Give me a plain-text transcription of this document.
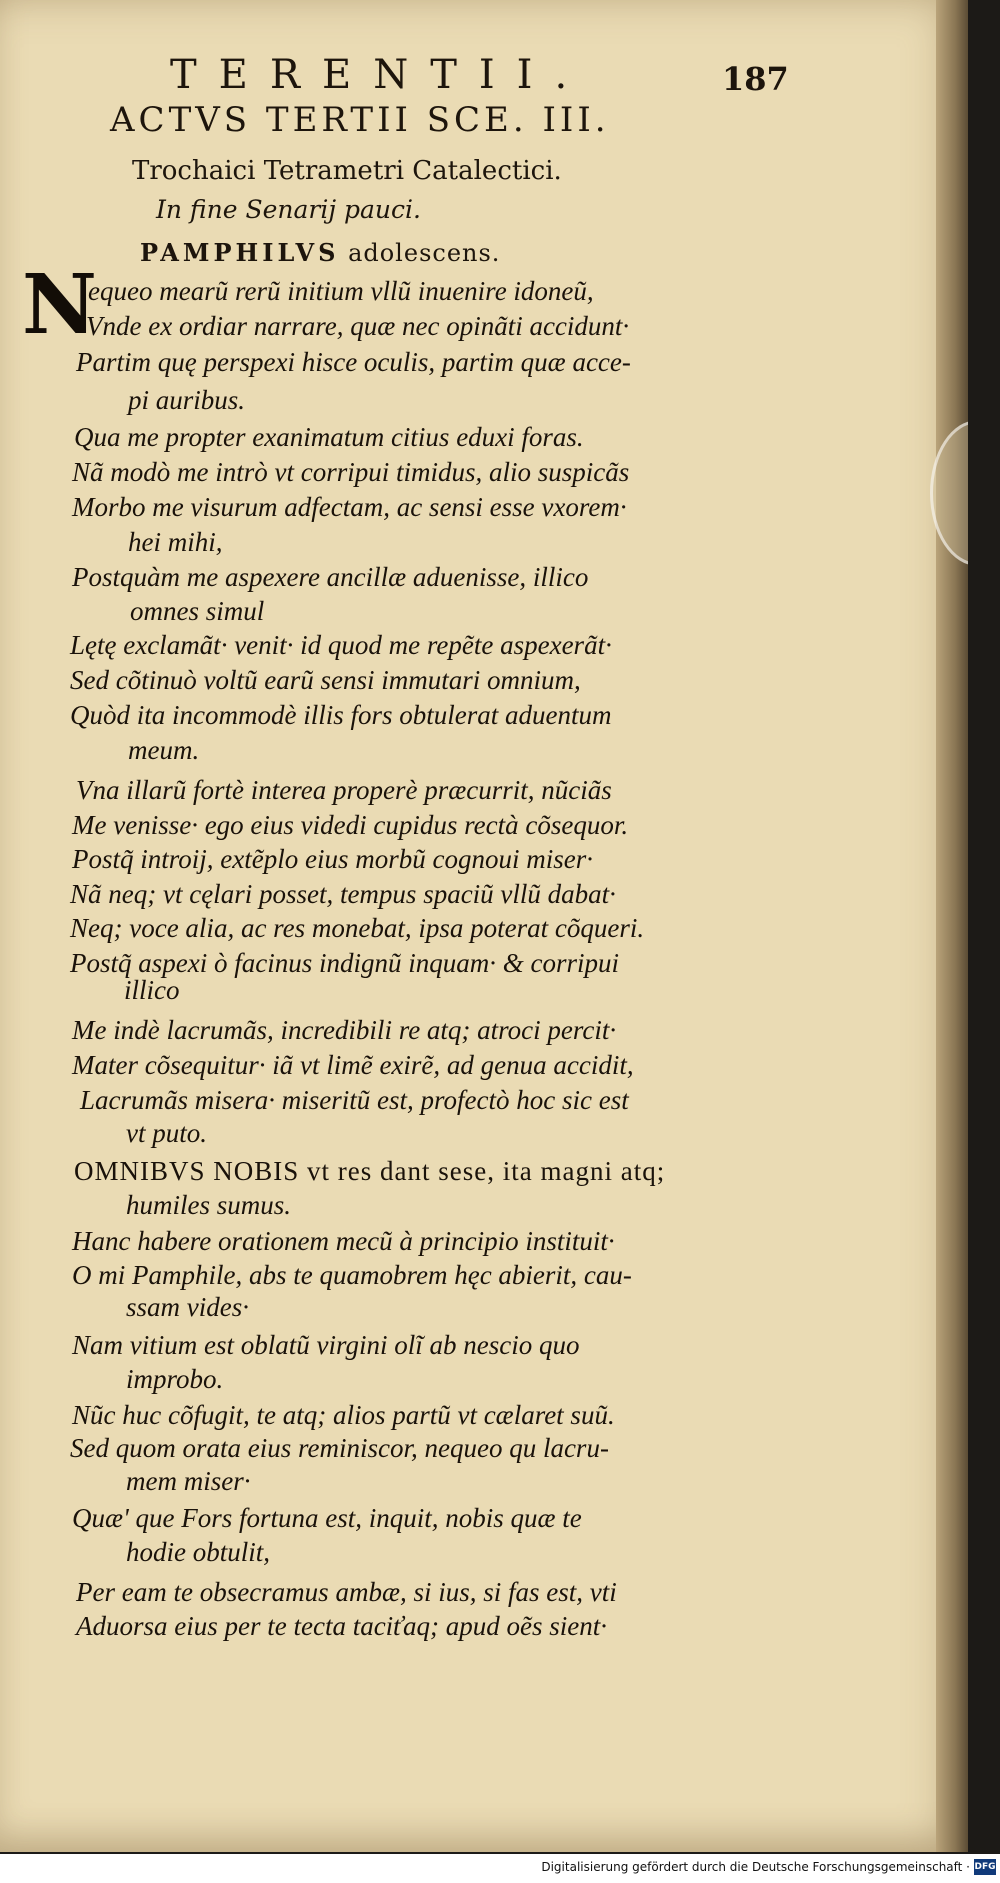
TERENTII.	187
ACTVS TERTII SCE. III.
Trochaici Tetrametri Catalectici.
In fine Senarij pauci.
PAMPHILVS adolescens.
N
equeo mearũ rerũ initium vllũ inuenire idoneũ,
Vnde ex ordiar narrare, quæ nec opinãti accidunt·
Partim quę perspexi hisce oculis, partim quæ acce-
pi auribus.
Qua me propter exanimatum citius eduxi foras.
Nã modò me intrò vt corripui timidus, alio suspicãs
Morbo me visurum adfectam, ac sensi esse vxorem·
hei mihi,
Postquàm me aspexere ancillæ aduenisse, illico
omnes simul
Lętę exclamãt· venit· id quod me repẽte aspexerãt·
Sed cõtinuò voltũ earũ sensi immutari omnium,
Quòd ita incommodè illis fors obtulerat aduentum
meum.
Vna illarũ fortè interea properè præcurrit, nũciãs
Me venisse· ego eius videdi cupidus rectà cõsequor.
Postq̃ introij, extẽplo eius morbũ cognoui miser·
Nã neq; vt cęlari posset, tempus spaciũ vllũ dabat·
Neq; voce alia, ac res monebat, ipsa poterat cõqueri.
Postq̃ aspexi ò facinus indignũ inquam· & corripui
illico
Me indè lacrumãs, incredibili re atq; atroci percit·
Mater cõsequitur· iã vt limẽ exirẽ, ad genua accidit,
Lacrumãs misera· miseritũ est, profectò hoc sic est
vt puto.
OMNIBVS NOBIS vt res dant sese, ita magni atq;
humiles sumus.
Hanc habere orationem mecũ à principio instituit·
O mi Pamphile, abs te quamobrem hęc abierit, cau-
ssam vides·
Nam vitium est oblatũ virgini olĩ ab nescio quo
improbo.
Nũc huc cõfugit, te atq; alios partũ vt cælaret suũ.
Sed quom orata eius reminiscor, nequeo qu lacru-
mem miser·
Quæ' que Fors fortuna est, inquit, nobis quæ te
hodie obtulit,
Per eam te obsecramus ambæ, si ius, si fas est, vti
Aduorsa eius per te tecta taciťaq; apud oẽs sient·
Digitalisierung gefördert durch die Deutsche Forschungsgemeinschaft · DFG
